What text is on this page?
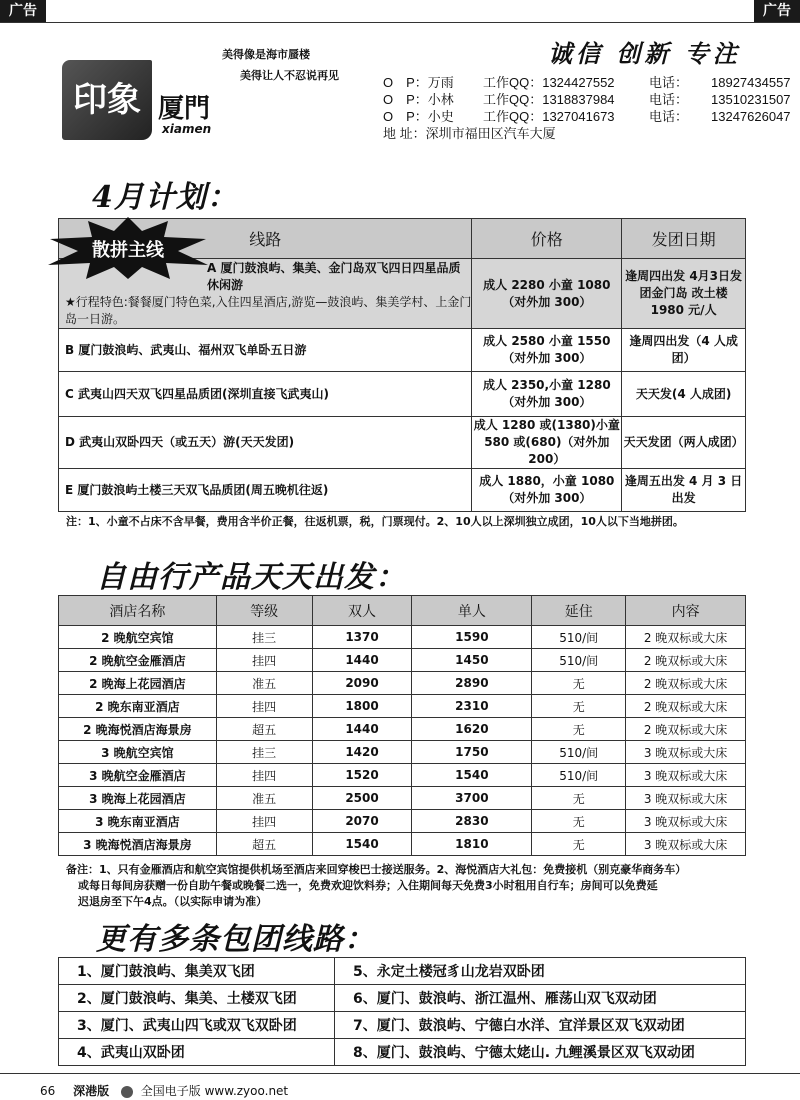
广告	广告
印象 厦門
xiamen
美得像是海市蜃楼
美得让人不忍说再见
诚信 创新 专注
O　P：万雨 工作QQ：1324427552	电话： 18927434557
O　P：小林 工作QQ：1318837984	电话： 13510231507
O　P：小史 工作QQ：1327041673	电话： 13247626047
地 址：深圳市福田区汽车大厦
4月计划：
线路	价格	发团日期

A 厦门鼓浪屿、集美、金门岛双飞四日四星品质休闲游
★行程特色:餐餐厦门特色菜,入住四星酒店,游览—鼓浪屿、集美学村、上金门岛一日游。	成人 2280 小童 1080（对外加 300）	逢周四出发 4月3日发团金门岛 改土楼 1980 元/人
B 厦门鼓浪屿、武夷山、福州双飞单卧五日游	成人 2580 小童 1550（对外加 300）	逢周四出发（4 人成团）
C 武夷山四天双飞四星品质团(深圳直接飞武夷山)	成人 2350,小童 1280（对外加 300）	天天发(4 人成团)
D 武夷山双卧四天（或五天）游(天天发团)	成人 1280 或(1380)小童 580 或(680)（对外加 200）	天天发团（两人成团）
E 厦门鼓浪屿土楼三天双飞品质团(周五晚机往返)	成人 1880，小童 1080（对外加 300）	逢周五出发 4 月 3 日出发
散拼主线
注：1、小童不占床不含早餐，费用含半价正餐，往返机票，税，门票现付。2、10人以上深圳独立成团，10人以下当地拼团。
自由行产品天天出发：
酒店名称	等级	双人	单人	延住	内容
2 晚航空宾馆	挂三	1370	1590	510/间	2 晚双标或大床
2 晚航空金雁酒店	挂四	1440	1450	510/间	2 晚双标或大床
2 晚海上花园酒店	准五	2090	2890	无	2 晚双标或大床
2 晚东南亚酒店	挂四	1800	2310	无	2 晚双标或大床
2 晚海悦酒店海景房	超五	1440	1620	无	2 晚双标或大床
3 晚航空宾馆	挂三	1420	1750	510/间	3 晚双标或大床
3 晚航空金雁酒店	挂四	1520	1540	510/间	3 晚双标或大床
3 晚海上花园酒店	准五	2500	3700	无	3 晚双标或大床
3 晚东南亚酒店	挂四	2070	2830	无	3 晚双标或大床
3 晚海悦酒店海景房	超五	1540	1810	无	3 晚双标或大床
备注：1、只有金雁酒店和航空宾馆提供机场至酒店来回穿梭巴士接送服务。2、海悦酒店大礼包：免费接机（别克豪华商务车）
或每日每间房获赠一份自助午餐或晚餐二选一，免费欢迎饮料券；入住期间每天免费3小时租用自行车；房间可以免费延
迟退房至下午4点。（以实际申请为准）
更有多条包团线路：
1、厦门鼓浪屿、集美双飞团	5、永定土楼冠豸山龙岩双卧团
2、厦门鼓浪屿、集美、土楼双飞团	6、厦门、鼓浪屿、浙江温州、雁荡山双飞双动团
3、厦门、武夷山四飞或双飞双卧团	7、厦门、鼓浪屿、宁德白水洋、宜洋景区双飞双动团
4、武夷山双卧团	8、厦门、鼓浪屿、宁德太姥山. 九鲤溪景区双飞双动团
66 深港版	全国电子版 www.zyoo.net
